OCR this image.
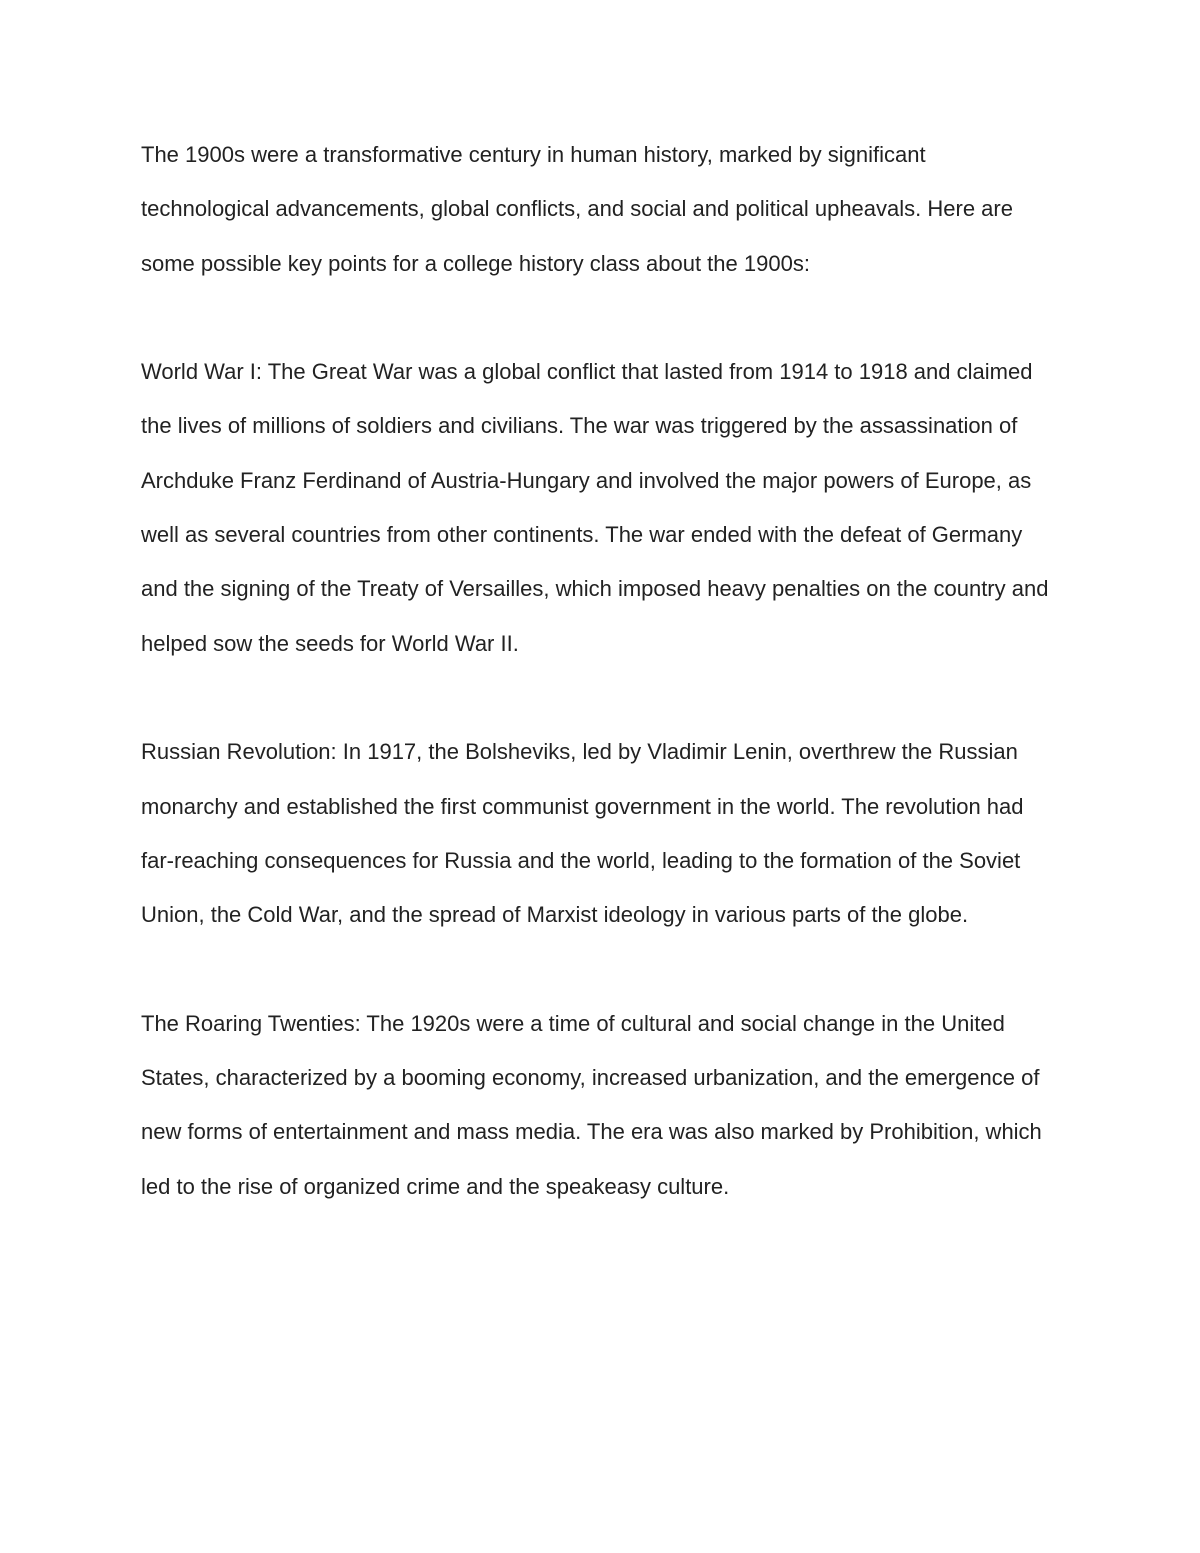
The 1900s were a transformative century in human history, marked by significant technological advancements, global conflicts, and social and political upheavals. Here are some possible key points for a college history class about the 1900s:

World War I: The Great War was a global conflict that lasted from 1914 to 1918 and claimed the lives of millions of soldiers and civilians. The war was triggered by the assassination of Archduke Franz Ferdinand of Austria-Hungary and involved the major powers of Europe, as well as several countries from other continents. The war ended with the defeat of Germany and the signing of the Treaty of Versailles, which imposed heavy penalties on the country and helped sow the seeds for World War II.

Russian Revolution: In 1917, the Bolsheviks, led by Vladimir Lenin, overthrew the Russian monarchy and established the first communist government in the world. The revolution had far-reaching consequences for Russia and the world, leading to the formation of the Soviet Union, the Cold War, and the spread of Marxist ideology in various parts of the globe.

The Roaring Twenties: The 1920s were a time of cultural and social change in the United States, characterized by a booming economy, increased urbanization, and the emergence of new forms of entertainment and mass media. The era was also marked by Prohibition, which led to the rise of organized crime and the speakeasy culture.
